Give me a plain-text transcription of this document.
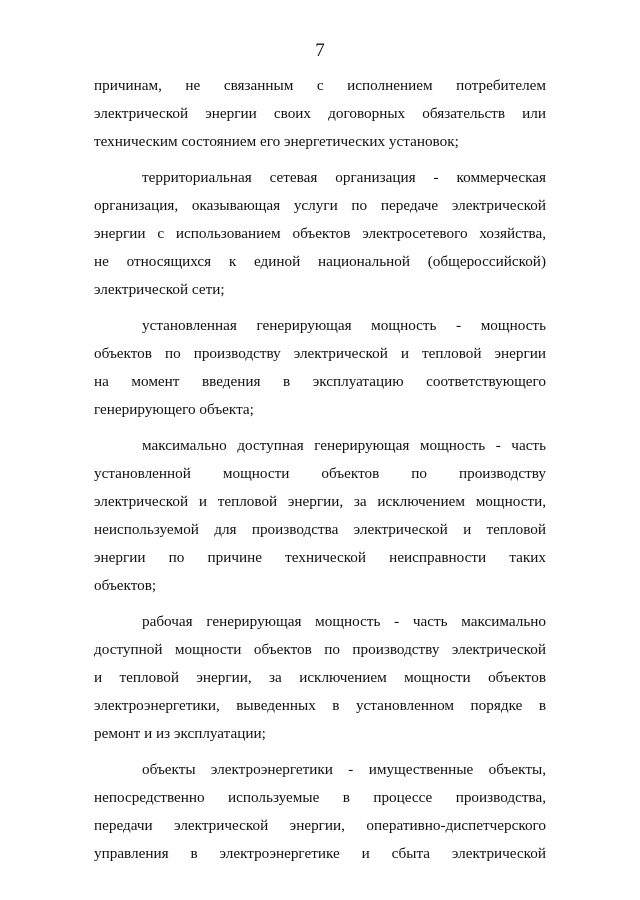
7

причинам, не связанным с исполнением потребителем
электрической энергии своих договорных обязательств или
техническим состоянием его энергетических установок;

территориальная сетевая организация - коммерческая
организация, оказывающая услуги по передаче электрической
энергии с использованием объектов электросетевого хозяйства,
не относящихся к единой национальной (общероссийской)
электрической сети;

установленная генерирующая мощность - мощность
объектов по производству электрической и тепловой энергии
на момент введения в эксплуатацию соответствующего
генерирующего объекта;

максимально доступная генерирующая мощность - часть
установленной мощности объектов по производству
электрической и тепловой энергии, за исключением мощности,
неиспользуемой для производства электрической и тепловой
энергии по причине технической неисправности таких
объектов;

рабочая генерирующая мощность - часть максимально
доступной мощности объектов по производству электрической
и тепловой энергии, за исключением мощности объектов
электроэнергетики, выведенных в установленном порядке в
ремонт и из эксплуатации;

объекты электроэнергетики - имущественные объекты,
непосредственно используемые в процессе производства,
передачи электрической энергии, оперативно-диспетчерского
управления в электроэнергетике и сбыта электрической
